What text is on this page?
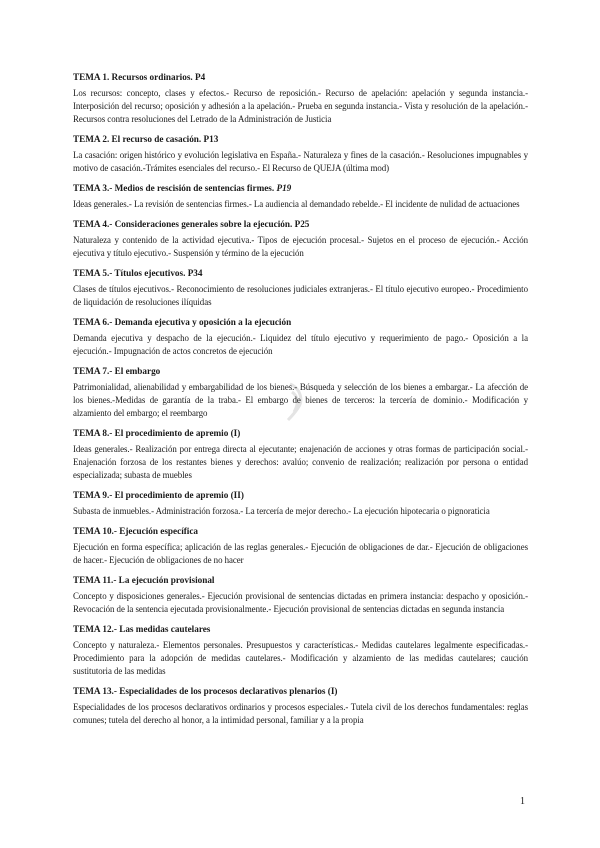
TEMA 1. Recursos ordinarios. P4

Los recursos: concepto, clases y efectos.- Recurso de reposición.- Recurso de apelación: apelación y segunda instancia.- Interposición del recurso; oposición y adhesión a la apelación.- Prueba en segunda instancia.- Vista y resolución de la apelación.- Recursos contra resoluciones del Letrado de la Administración de Justicia

TEMA 2. El recurso de casación. P13

La casación: origen histórico y evolución legislativa en España.- Naturaleza y fines de la casación.- Resoluciones impugnables y motivo de casación.-Trámites esenciales del recurso.- El Recurso de QUEJA (última mod)

TEMA 3.- Medios de rescisión de sentencias firmes. P19

Ideas generales.- La revisión de sentencias firmes.- La audiencia al demandado rebelde.- El incidente de nulidad de actuaciones

TEMA 4.- Consideraciones generales sobre la ejecución. P25

Naturaleza y contenido de la actividad ejecutiva.- Tipos de ejecución procesal.- Sujetos en el proceso de ejecución.- Acción ejecutiva y título ejecutivo.- Suspensión y término de la ejecución

TEMA 5.- Títulos ejecutivos. P34

Clases de títulos ejecutivos.- Reconocimiento de resoluciones judiciales extranjeras.- El título ejecutivo europeo.- Procedimiento de liquidación de resoluciones ilíquidas

TEMA 6.- Demanda ejecutiva y oposición a la ejecución

Demanda ejecutiva y despacho de la ejecución.- Liquidez del título ejecutivo y requerimiento de pago.- Oposición a la ejecución.- Impugnación de actos concretos de ejecución

TEMA 7.- El embargo

Patrimonialidad, alienabilidad y embargabilidad de los bienes.- Búsqueda y selección de los bienes a embargar.- La afección de los bienes.-Medidas de garantía de la traba.- El embargo de bienes de terceros: la tercería de dominio.- Modificación y alzamiento del embargo; el reembargo

TEMA 8.- El procedimiento de apremio (I)

Ideas generales.- Realización por entrega directa al ejecutante; enajenación de acciones y otras formas de participación social.- Enajenación forzosa de los restantes bienes y derechos: avalúo; convenio de realización; realización por persona o entidad especializada; subasta de muebles

TEMA 9.- El procedimiento de apremio (II)

Subasta de inmuebles.- Administración forzosa.- La tercería de mejor derecho.- La ejecución hipotecaria o pignoraticia

TEMA 10.- Ejecución específica

Ejecución en forma específica; aplicación de las reglas generales.- Ejecución de obligaciones de dar.- Ejecución de obligaciones de hacer.- Ejecución de obligaciones de no hacer

TEMA 11.- La ejecución provisional

Concepto y disposiciones generales.- Ejecución provisional de sentencias dictadas en primera instancia: despacho y oposición.- Revocación de la sentencia ejecutada provisionalmente.- Ejecución provisional de sentencias dictadas en segunda instancia

TEMA 12.- Las medidas cautelares

Concepto y naturaleza.- Elementos personales. Presupuestos y características.- Medidas cautelares legalmente especificadas.- Procedimiento para la adopción de medidas cautelares.- Modificación y alzamiento de las medidas cautelares; caución sustitutoria de las medidas

TEMA 13.- Especialidades de los procesos declarativos plenarios (I)

Especialidades de los procesos declarativos ordinarios y procesos especiales.- Tutela civil de los derechos fundamentales: reglas comunes; tutela del derecho al honor, a la intimidad personal, familiar y a la propia

1
